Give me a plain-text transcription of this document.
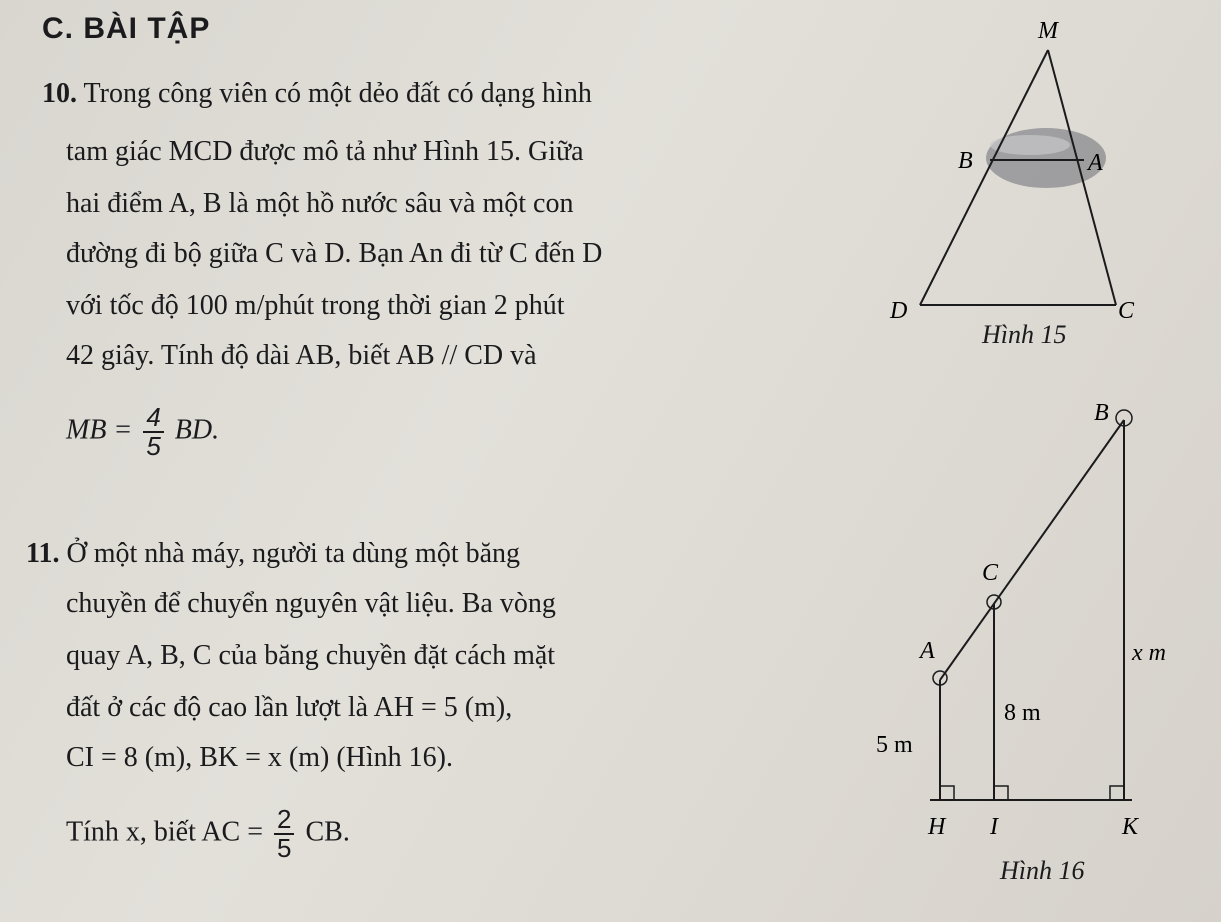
C. BÀI TẬP
10. Trong công viên có một dẻo đất có dạng hình
tam giác MCD được mô tả như Hình 15. Giữa
hai điểm A, B là một hồ nước sâu và một con
đường đi bộ giữa C và D. Bạn An đi từ C đến D
với tốc độ 100 m/phút trong thời gian 2 phút
42 giây. Tính độ dài AB, biết AB // CD và
MB = $\frac{4}{5}$ BD.
11. Ở một nhà máy, người ta dùng một băng
chuyền để chuyển nguyên vật liệu. Ba vòng
quay A, B, C của băng chuyền đặt cách mặt
đất ở các độ cao lần lượt là AH = 5 (m),
CI = 8 (m), BK = x (m) (Hình 16).
Tính x, biết AC = $\frac{2}{5}$ CB.
M
B	A
D	C
Hình 15
B
C
A	x m
8 m
5 m
H I	K
Hình 16
